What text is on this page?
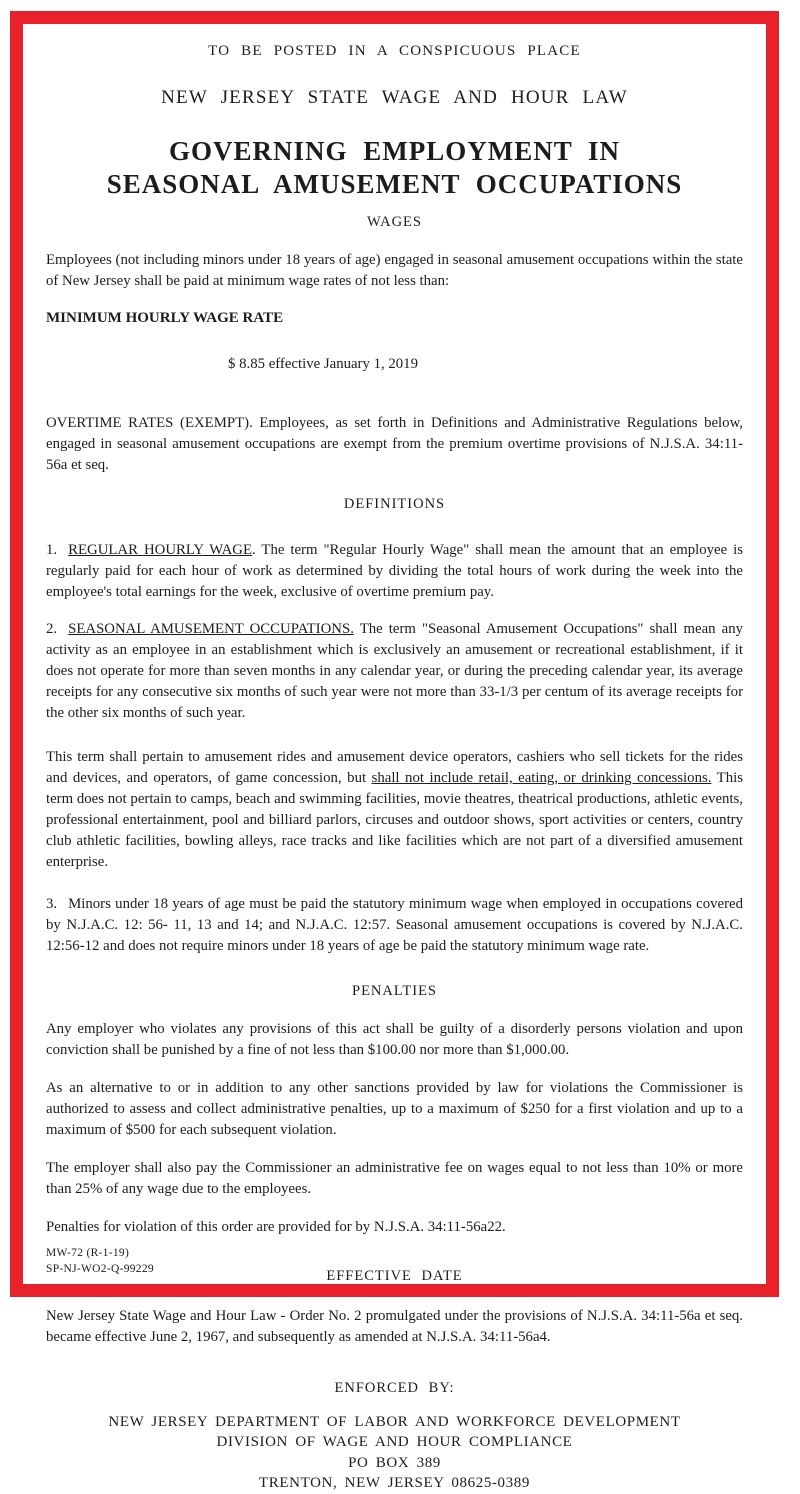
TO BE POSTED IN A CONSPICUOUS PLACE

NEW JERSEY STATE WAGE AND HOUR LAW

GOVERNING EMPLOYMENT IN
SEASONAL AMUSEMENT OCCUPATIONS
WAGES

Employees (not including minors under 18 years of age) engaged in seasonal amusement occupations within the state of New Jersey shall be paid at minimum wage rates of not less than:

MINIMUM HOURLY WAGE RATE

$ 8.85 effective January 1, 2019

OVERTIME RATES (EXEMPT). Employees, as set forth in Definitions and Administrative Regulations below, engaged in seasonal amusement occupations are exempt from the premium overtime provisions of N.J.S.A. 34:11-56a et seq.

DEFINITIONS

1. REGULAR HOURLY WAGE. The term "Regular Hourly Wage" shall mean the amount that an employee is regularly paid for each hour of work as determined by dividing the total hours of work during the week into the employee's total earnings for the week, exclusive of overtime premium pay.

2. SEASONAL AMUSEMENT OCCUPATIONS. The term "Seasonal Amusement Occupations" shall mean any activity as an employee in an establishment which is exclusively an amusement or recreational establishment, if it does not operate for more than seven months in any calendar year, or during the preceding calendar year, its average receipts for any consecutive six months of such year were not more than 33-1/3 per centum of its average receipts for the other six months of such year.

This term shall pertain to amusement rides and amusement device operators, cashiers who sell tickets for the rides and devices, and operators, of game concession, but shall not include retail, eating, or drinking concessions. This term does not pertain to camps, beach and swimming facilities, movie theatres, theatrical productions, athletic events, professional entertainment, pool and billiard parlors, circuses and outdoor shows, sport activities or centers, country club athletic facilities, bowling alleys, race tracks and like facilities which are not part of a diversified amusement enterprise.

3. Minors under 18 years of age must be paid the statutory minimum wage when employed in occupations covered by N.J.A.C. 12: 56- 11, 13 and 14; and N.J.A.C. 12:57. Seasonal amusement occupations is covered by N.J.A.C. 12:56-12 and does not require minors under 18 years of age be paid the statutory minimum wage rate.

PENALTIES

Any employer who violates any provisions of this act shall be guilty of a disorderly persons violation and upon conviction shall be punished by a fine of not less than $100.00 nor more than $1,000.00.

As an alternative to or in addition to any other sanctions provided by law for violations the Commissioner is authorized to assess and collect administrative penalties, up to a maximum of $250 for a first violation and up to a maximum of $500 for each subsequent violation.

The employer shall also pay the Commissioner an administrative fee on wages equal to not less than 10% or more than 25% of any wage due to the employees.

Penalties for violation of this order are provided for by N.J.S.A. 34:11-56a22.

EFFECTIVE DATE

New Jersey State Wage and Hour Law - Order No. 2 promulgated under the provisions of N.J.S.A. 34:11-56a et seq. became effective June 2, 1967, and subsequently as amended at N.J.S.A. 34:11-56a4.

ENFORCED BY:

NEW JERSEY DEPARTMENT OF LABOR AND WORKFORCE DEVELOPMENT
DIVISION OF WAGE AND HOUR COMPLIANCE
PO BOX 389
TRENTON, NEW JERSEY 08625-0389

MW-72 (R-1-19)

SP-NJ-WO2-Q-99229
